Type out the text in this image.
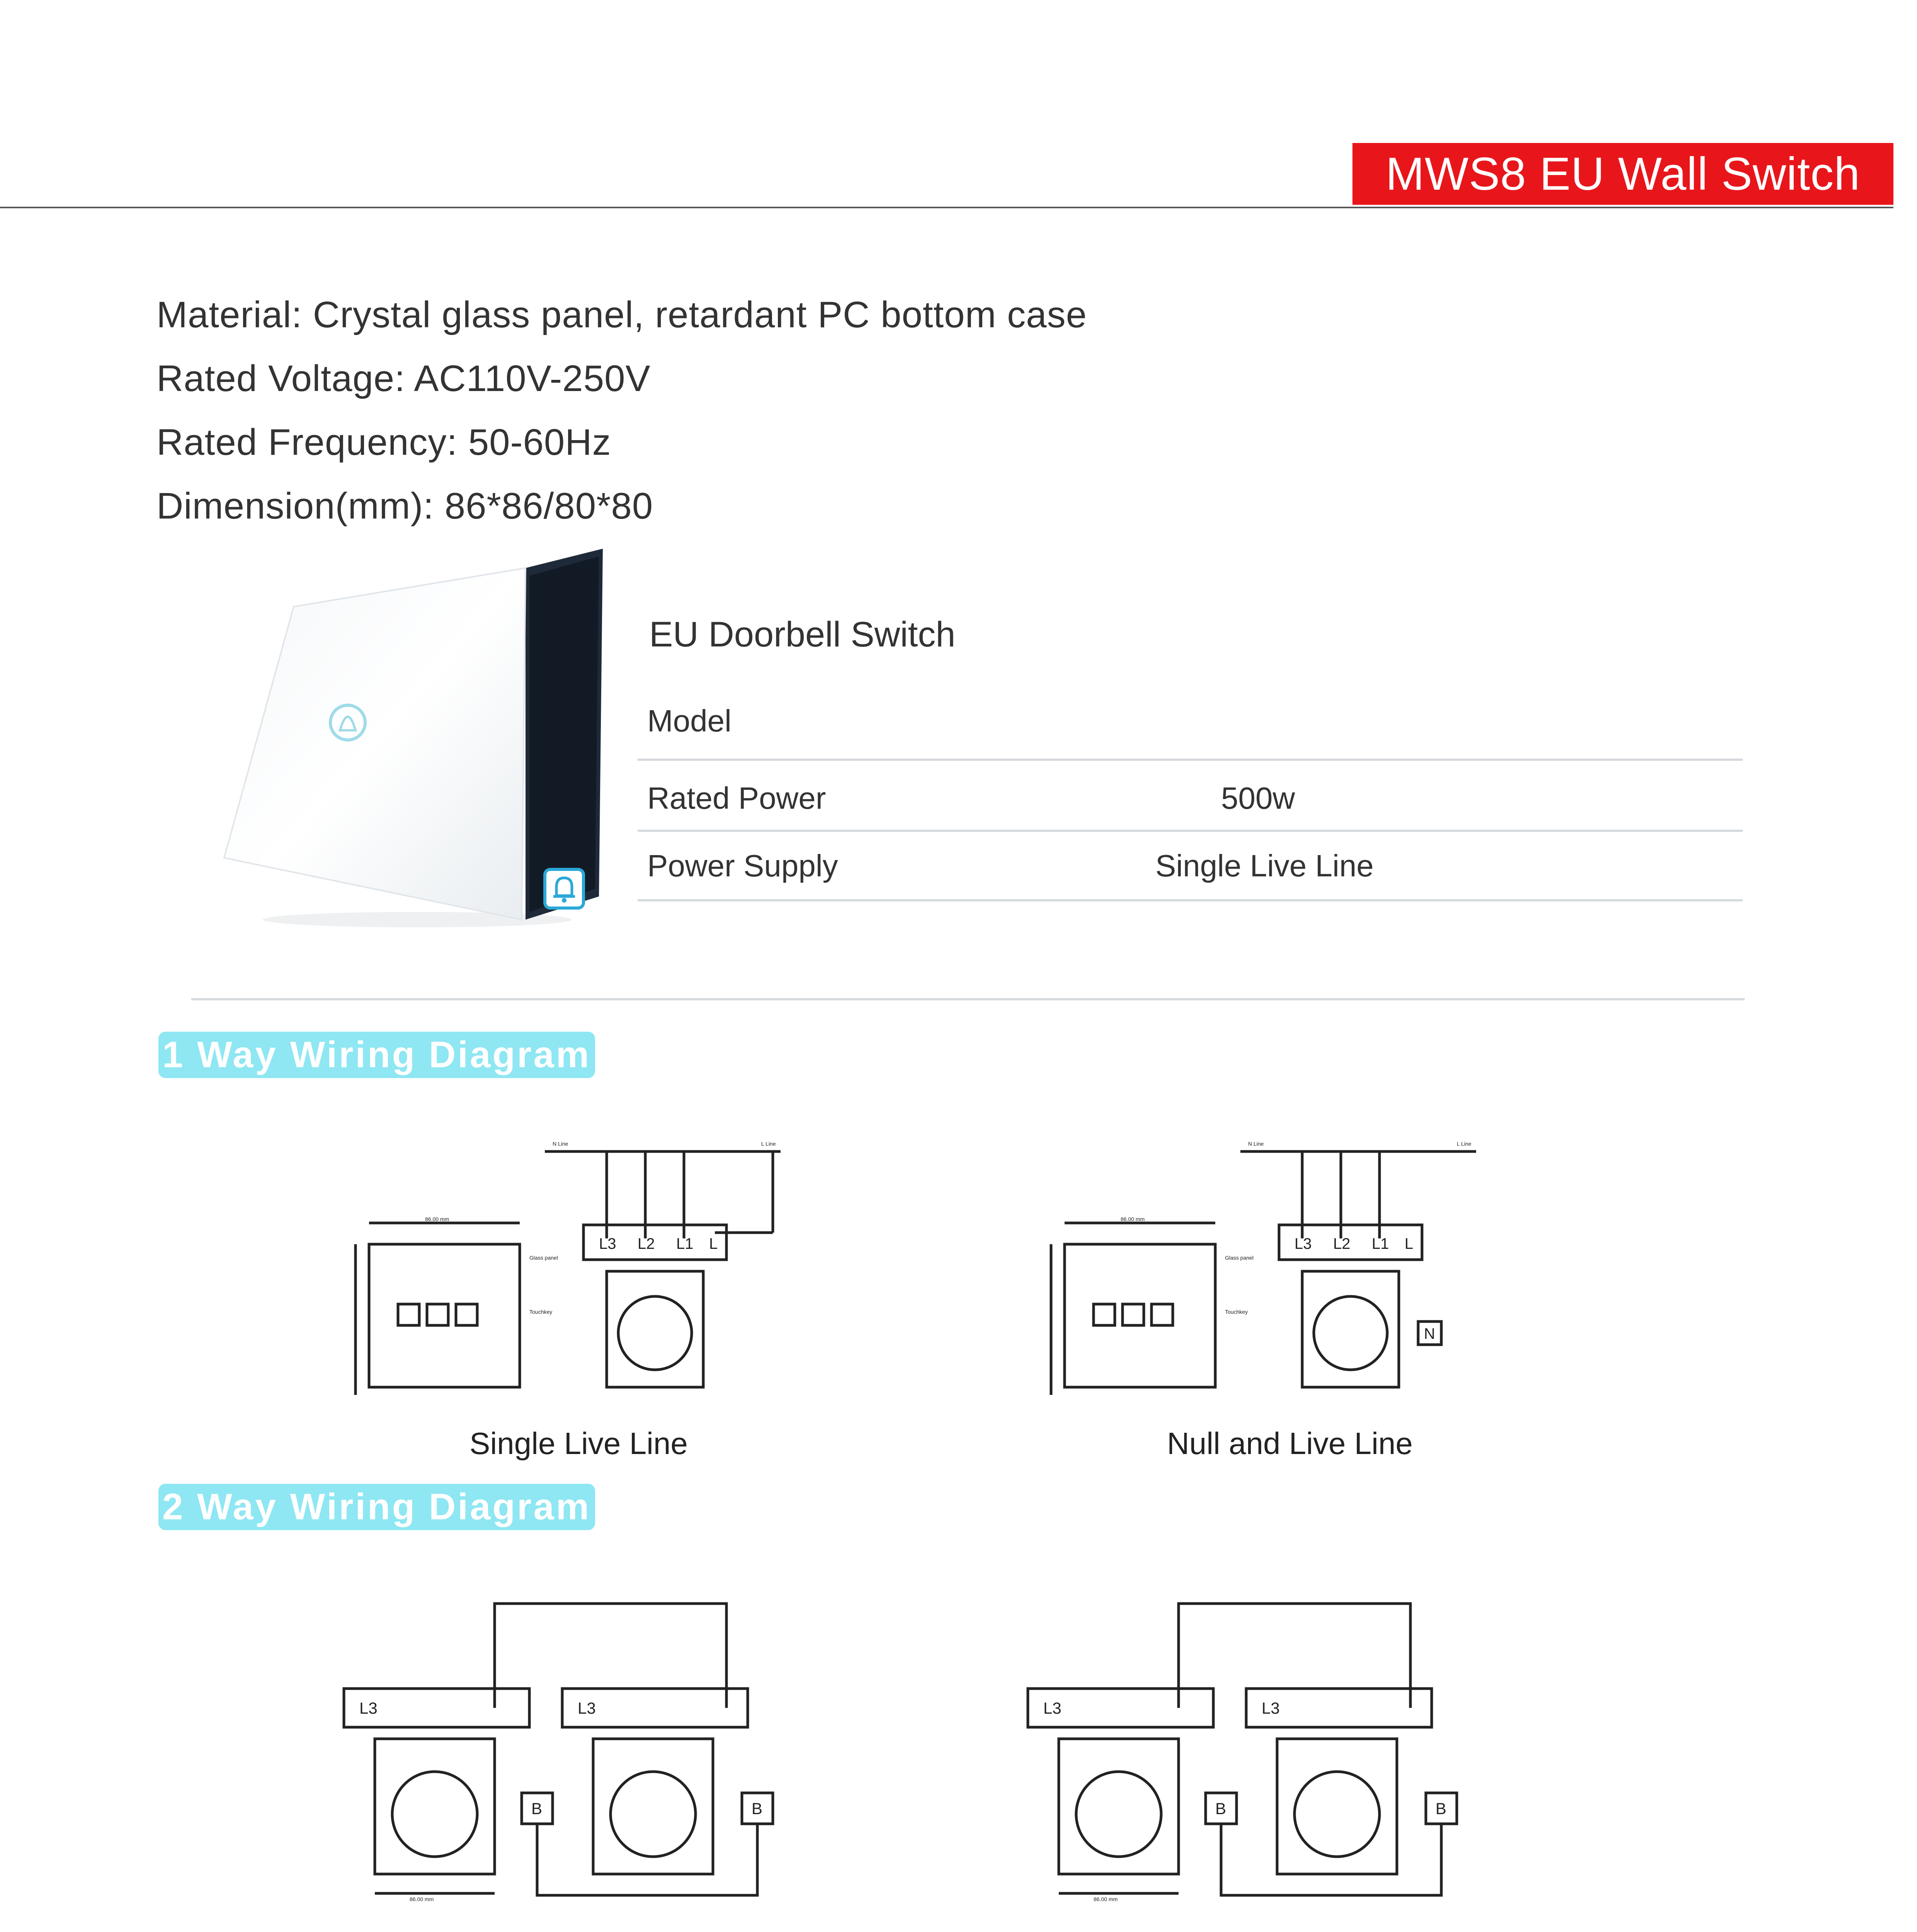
MWS8 EU Wall Switch
Material: Crystal glass panel, retardant PC bottom case
Rated Voltage: AC110V-250V
Rated Frequency: 50-60Hz
Dimension(mm): 86*86/80*80
EU Doorbell Switch
Model
Rated Power	500w
Power Supply	Single Live Line
1 Way Wiring Diagram
N Line	L Line
86.00 mm
Glass panel
Touchkey
L3 L2 L1 L
Single Live Line
N Line	L Line
86.00 mm
Glass panel
Touchkey
L3 L2 L1 L
N
Null and Live Line
2 Way Wiring Diagram
L3	L3
B	B
86.00 mm
L3	L3
B	B
86.00 mm
